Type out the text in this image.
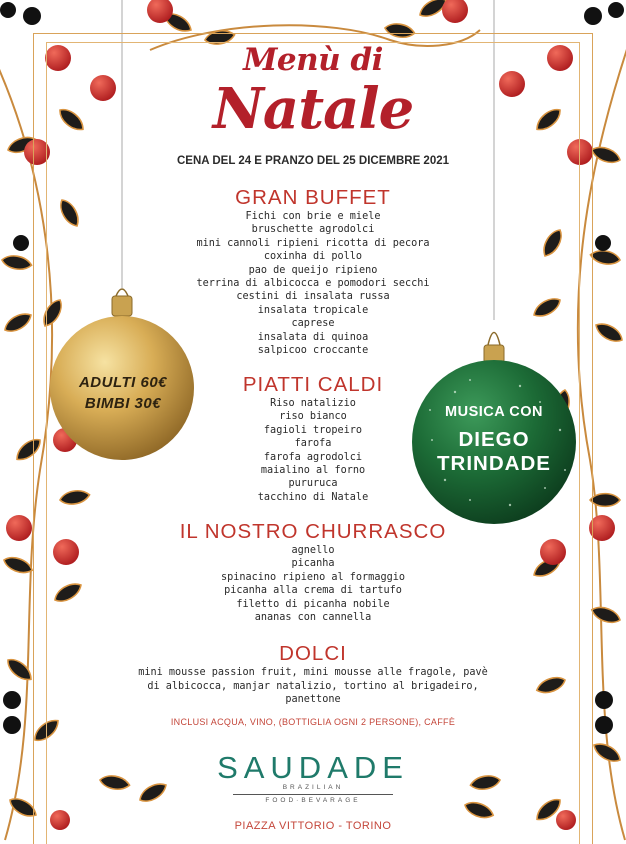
Menù di
Natale
CENA DEL 24 E PRANZO DEL 25 DICEMBRE 2021
GRAN BUFFET
Fichi con brie e miele
bruschette agrodolci
mini cannoli ripieni ricotta di pecora
coxinha di pollo
pao de queijo ripieno
terrina di albicocca e pomodori secchi
cestini di insalata russa
insalata tropicale
caprese
insalata di quinoa
salpicoo croccante
PIATTI CALDI
Riso natalizio
riso bianco
fagioli tropeiro
farofa
farofa agrodolci
maialino al forno
pururuca
tacchino di Natale
IL NOSTRO CHURRASCO
agnello
picanha
spinacino ripieno al formaggio
picanha alla crema di tartufo
filetto di picanha nobile
ananas con cannella
DOLCI
mini mousse passion fruit, mini mousse alle fragole, pavè
di albicocca, manjar natalizio, tortino al brigadeiro,
panettone
INCLUSI ACQUA, VINO, (BOTTIGLIA OGNI 2 PERSONE), CAFFÈ
ADULTI 60€
BIMBI 30€	MUSICA CON
DIEGO
TRINDADE
SAUDADE
BRAZILIAN
FOOD·BEVARAGE
PIAZZA VITTORIO - TORINO
